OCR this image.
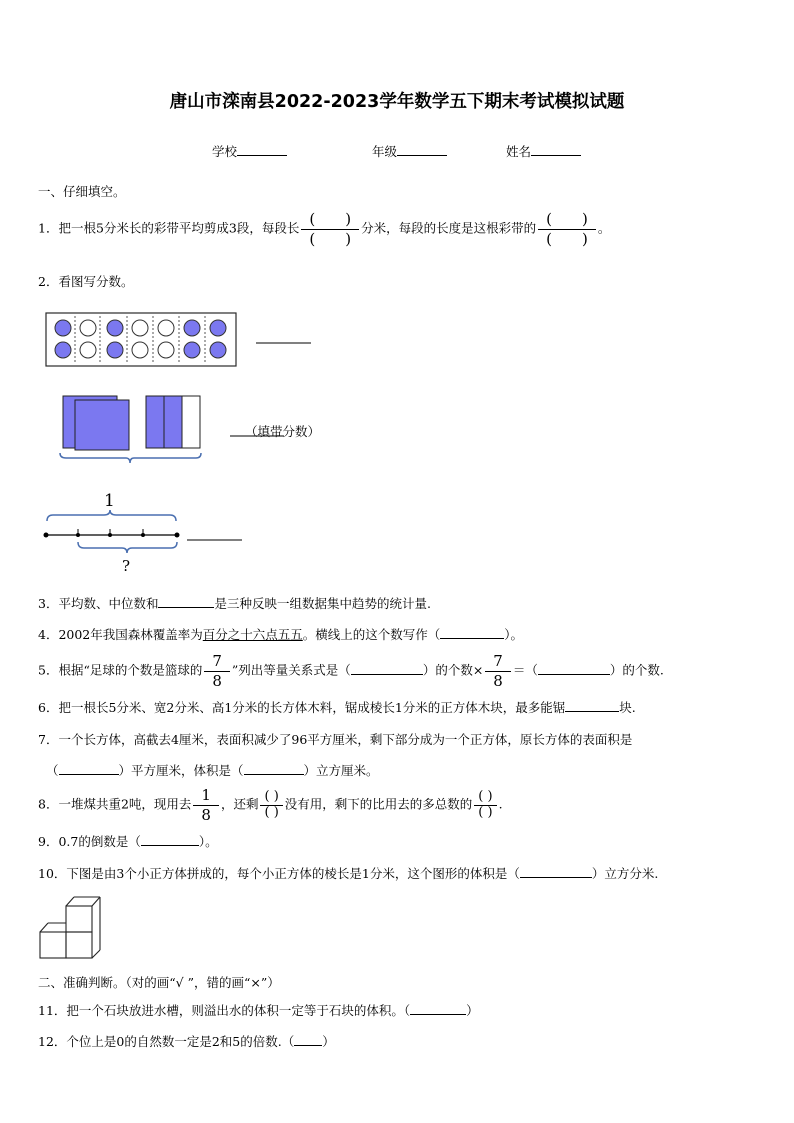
唐山市滦南县2022-2023学年数学五下期末考试模拟试题
学校	年级	姓名
一、仔细填空。
1．把一根5分米长的彩带平均剪成3段，每段长 $\frac{( )}{( )}$ 分米，每段的长度是这根彩带的 $\frac{( )}{( )}$ 。
2．看图写分数。
（填带分数）
1
?
3．平均数、中位数和	是三种反映一组数据集中趋势的统计量.
4．2002年我国森林覆盖率为百分之十六点五五。横线上的这个数写作（	）。
5．根据“足球的个数是篮球的 $\frac{7}{8}$ ”列出等量关系式是（	）的个数× $\frac{7}{8}$ ＝（	）的个数.
6．把一根长5分米、宽2分米、高1分米的长方体木料，锯成棱长1分米的正方体木块，最多能锯	块.
7．一个长方体，高截去4厘米，表面积减少了96平方厘米，剩下部分成为一个正方体，原长方体的表面积是
（	）平方厘米，体积是（	）立方厘米。
8．一堆煤共重2吨，现用去 $\frac{1}{8}$ ，还剩 $\frac{( )}{( )}$ 没有用，剩下的比用去的多总数的 $\frac{( )}{( )}$ .
9．0.7的倒数是（	）。
10．下图是由3个小正方体拼成的，每个小正方体的棱长是1分米，这个图形的体积是（	）立方分米.
二、准确判断。（对的画“√ ”，错的画“×”）
11．把一个石块放进水槽，则溢出水的体积一定等于石块的体积。（	）
12．个位上是0的自然数一定是2和5的倍数.（ ）
